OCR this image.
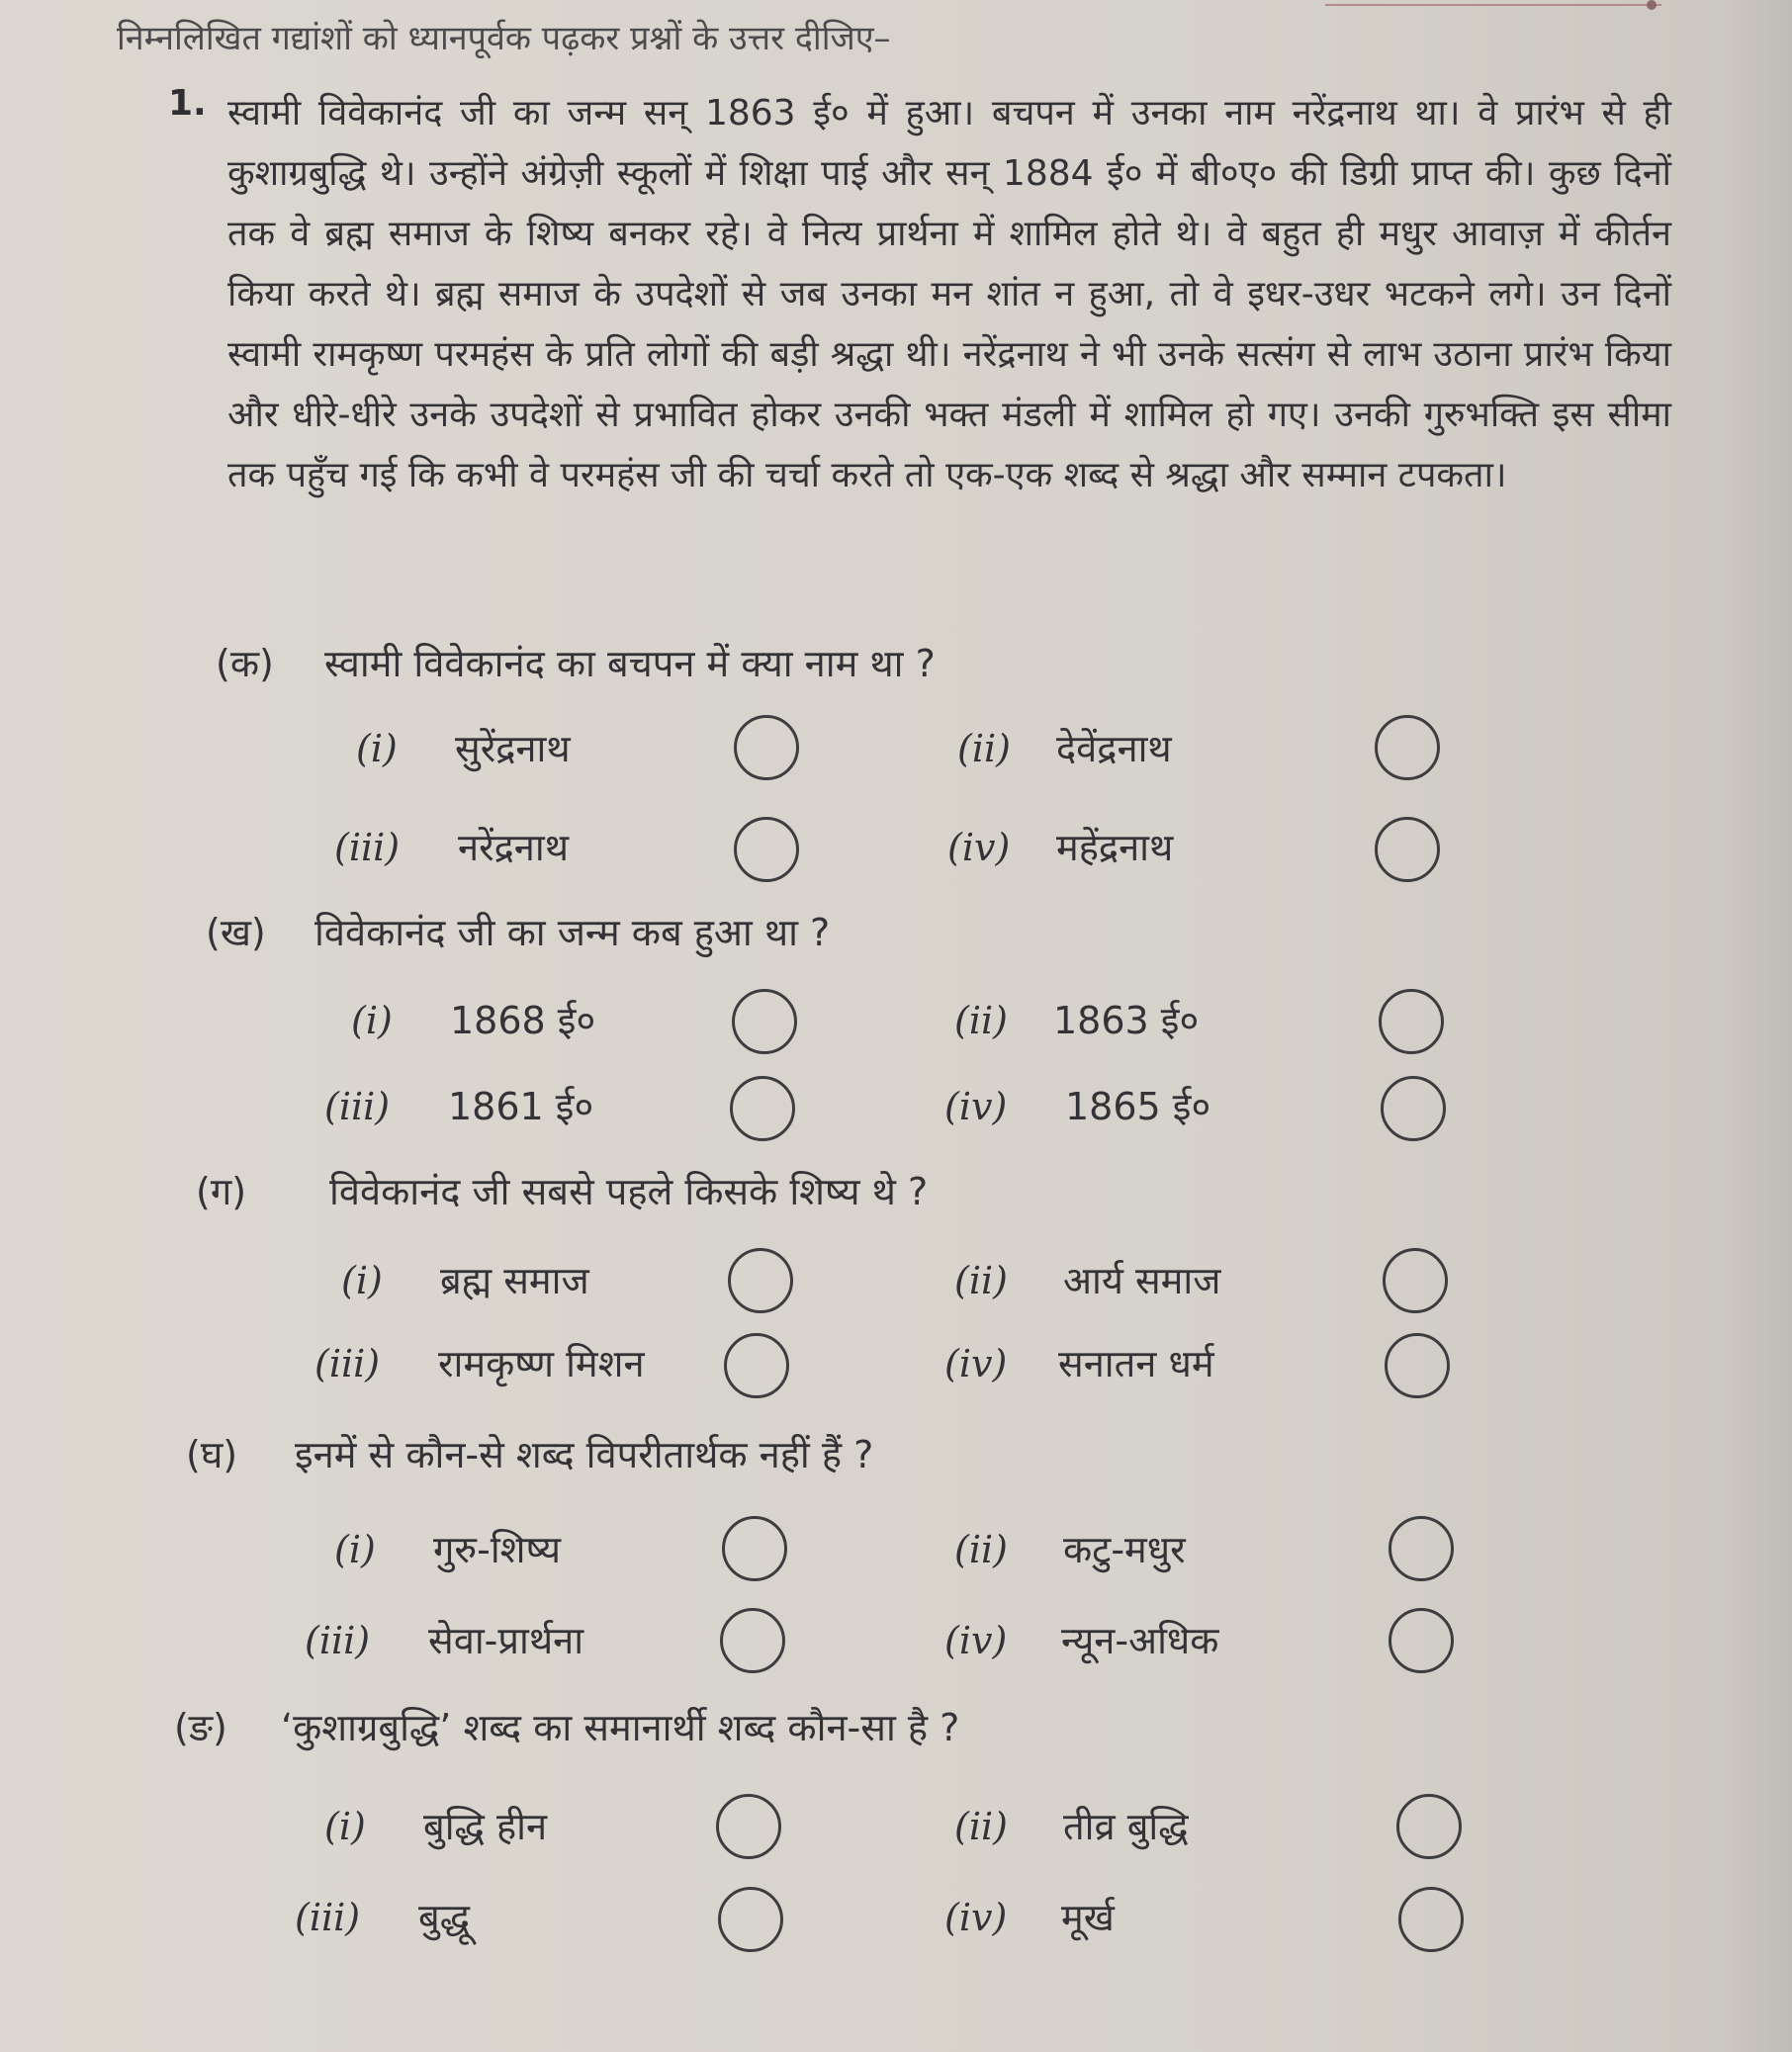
निम्नलिखित गद्यांशों को ध्यानपूर्वक पढ़कर प्रश्नों के उत्तर दीजिए–
1. स्वामी विवेकानंद जी का जन्म सन् 1863 ई० में हुआ। बचपन में उनका नाम नरेंद्रनाथ था। वे प्रारंभ से ही कुशाग्रबुद्धि थे। उन्होंने अंग्रेज़ी स्कूलों में शिक्षा पाई और सन् 1884 ई० में बी०ए० की डिग्री प्राप्त की। कुछ दिनों तक वे ब्रह्म समाज के शिष्य बनकर रहे। वे नित्य प्रार्थना में शामिल होते थे। वे बहुत ही मधुर आवाज़ में कीर्तन किया करते थे। ब्रह्म समाज के उपदेशों से जब उनका मन शांत न हुआ, तो वे इधर-उधर भटकने लगे। उन दिनों स्वामी रामकृष्ण परमहंस के प्रति लोगों की बड़ी श्रद्धा थी। नरेंद्रनाथ ने भी उनके सत्संग से लाभ उठाना प्रारंभ किया और धीरे-धीरे उनके उपदेशों से प्रभावित होकर उनकी भक्त मंडली में शामिल हो गए। उनकी गुरुभक्ति इस सीमा तक पहुँच गई कि कभी वे परमहंस जी की चर्चा करते तो एक-एक शब्द से श्रद्धा और सम्मान टपकता।
(क) स्वामी विवेकानंद का बचपन में क्या नाम था ?
(i) सुरेंद्रनाथ	(ii) देवेंद्रनाथ
(iii) नरेंद्रनाथ	(iv) महेंद्रनाथ
(ख) विवेकानंद जी का जन्म कब हुआ था ?
(i) 1868 ई०	(ii) 1863 ई०
(iii) 1861 ई०	(iv) 1865 ई०
(ग) विवेकानंद जी सबसे पहले किसके शिष्य थे ?
(i) ब्रह्म समाज	(ii) आर्य समाज
(iii) रामकृष्ण मिशन	(iv) सनातन धर्म
(घ) इनमें से कौन-से शब्द विपरीतार्थक नहीं हैं ?
(i) गुरु-शिष्य	(ii) कटु-मधुर
(iii) सेवा-प्रार्थना	(iv) न्यून-अधिक
(ङ) ‘कुशाग्रबुद्धि’ शब्द का समानार्थी शब्द कौन-सा है ?
(i) बुद्धि हीन	(ii) तीव्र बुद्धि
(iii) बुद्धू	(iv) मूर्ख
